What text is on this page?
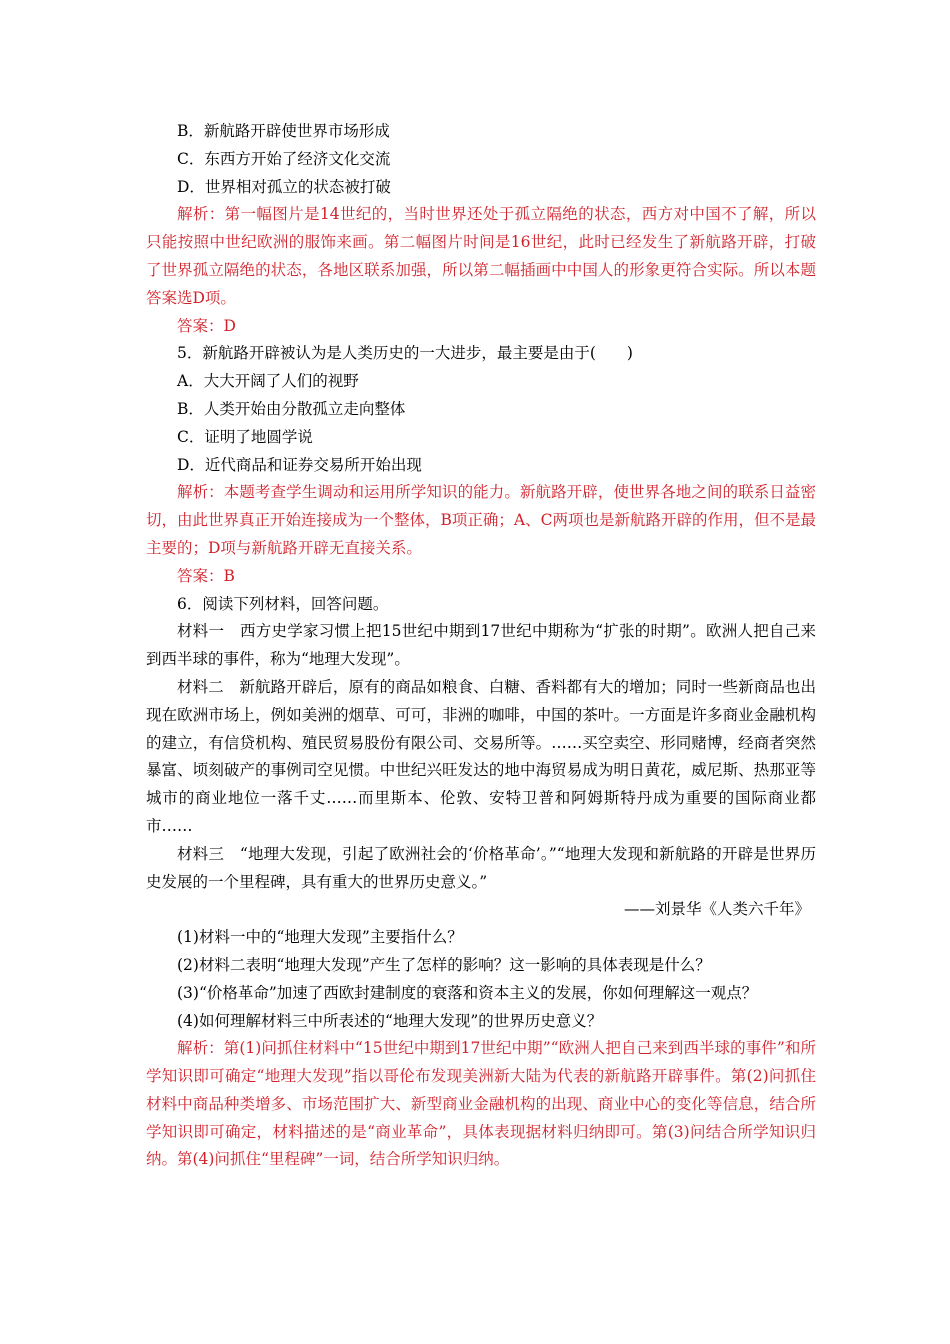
B．新航路开辟使世界市场形成
C．东西方开始了经济文化交流
D．世界相对孤立的状态被打破
解析：第一幅图片是14世纪的，当时世界还处于孤立隔绝的状态，西方对中国不了解，所以只能按照中世纪欧洲的服饰来画。第二幅图片时间是16世纪，此时已经发生了新航路开辟，打破了世界孤立隔绝的状态，各地区联系加强，所以第二幅插画中中国人的形象更符合实际。所以本题答案选D项。
答案：D
5．新航路开辟被认为是人类历史的一大进步，最主要是由于(　　)
A．大大开阔了人们的视野
B．人类开始由分散孤立走向整体
C．证明了地圆学说
D．近代商品和证券交易所开始出现
解析：本题考查学生调动和运用所学知识的能力。新航路开辟，使世界各地之间的联系日益密切，由此世界真正开始连接成为一个整体，B项正确；A、C两项也是新航路开辟的作用，但不是最主要的；D项与新航路开辟无直接关系。
答案：B
6．阅读下列材料，回答问题。
材料一　西方史学家习惯上把15世纪中期到17世纪中期称为“扩张的时期”。欧洲人把自己来到西半球的事件，称为“地理大发现”。
材料二　新航路开辟后，原有的商品如粮食、白糖、香料都有大的增加；同时一些新商品也出现在欧洲市场上，例如美洲的烟草、可可，非洲的咖啡，中国的茶叶。一方面是许多商业金融机构的建立，有信贷机构、殖民贸易股份有限公司、交易所等。……买空卖空、形同赌博，经商者突然暴富、顷刻破产的事例司空见惯。中世纪兴旺发达的地中海贸易成为明日黄花，威尼斯、热那亚等城市的商业地位一落千丈……而里斯本、伦敦、安特卫普和阿姆斯特丹成为重要的国际商业都市……
材料三　“地理大发现，引起了欧洲社会的‘价格革命’。”“地理大发现和新航路的开辟是世界历史发展的一个里程碑，具有重大的世界历史意义。”
——刘景华《人类六千年》
(1)材料一中的“地理大发现”主要指什么？
(2)材料二表明“地理大发现”产生了怎样的影响？这一影响的具体表现是什么？
(3)“价格革命”加速了西欧封建制度的衰落和资本主义的发展，你如何理解这一观点？
(4)如何理解材料三中所表述的“地理大发现”的世界历史意义？
解析：第(1)问抓住材料中“15世纪中期到17世纪中期”“欧洲人把自己来到西半球的事件”和所学知识即可确定“地理大发现”指以哥伦布发现美洲新大陆为代表的新航路开辟事件。第(2)问抓住材料中商品种类增多、市场范围扩大、新型商业金融机构的出现、商业中心的变化等信息，结合所学知识即可确定，材料描述的是“商业革命”，具体表现据材料归纳即可。第(3)问结合所学知识归纳。第(4)问抓住“里程碑”一词，结合所学知识归纳。
